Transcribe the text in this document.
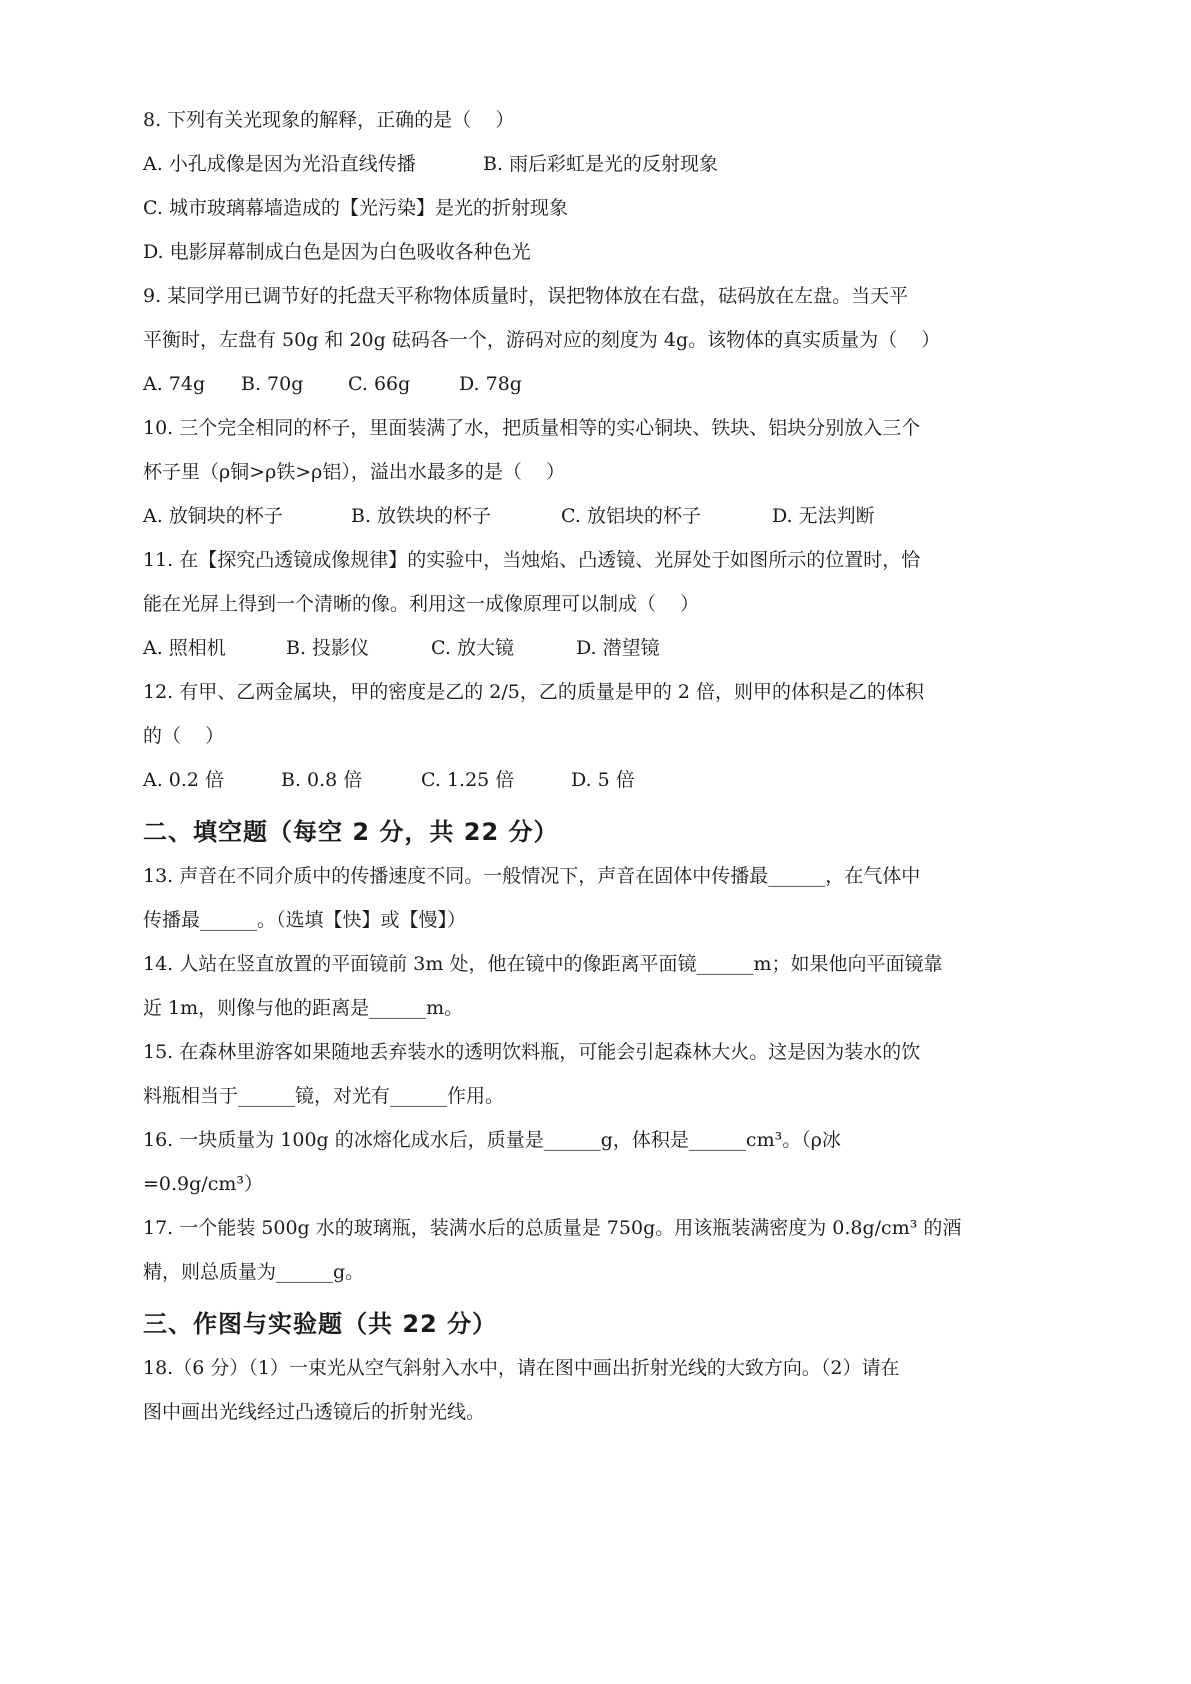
8. 下列有关光现象的解释，正确的是（    ）

A. 小孔成像是因为光沿直线传播	B. 雨后彩虹是光的反射现象

C. 城市玻璃幕墙造成的【光污染】是光的折射现象

D. 电影屏幕制成白色是因为白色吸收各种色光

9. 某同学用已调节好的托盘天平称物体质量时，误把物体放在右盘，砝码放在左盘。当天平

平衡时，左盘有 50g 和 20g 砝码各一个，游码对应的刻度为 4g。该物体的真实质量为（    ）

A. 74g	B. 70g	C. 66g	D. 78g

10. 三个完全相同的杯子，里面装满了水，把质量相等的实心铜块、铁块、铝块分别放入三个

杯子里（ρ铜>ρ铁>ρ铝），溢出水最多的是（    ）

A. 放铜块的杯子	B. 放铁块的杯子	C. 放铝块的杯子	D. 无法判断

11. 在【探究凸透镜成像规律】的实验中，当烛焰、凸透镜、光屏处于如图所示的位置时，恰

能在光屏上得到一个清晰的像。利用这一成像原理可以制成（    ）

A. 照相机	B. 投影仪	C. 放大镜	D. 潜望镜

12. 有甲、乙两金属块，甲的密度是乙的 2/5，乙的质量是甲的 2 倍，则甲的体积是乙的体积

的（    ）

A. 0.2 倍	B. 0.8 倍	C. 1.25 倍	D. 5 倍
二、填空题（每空 2 分，共 22 分）

13. 声音在不同介质中的传播速度不同。一般情况下，声音在固体中传播最______，在气体中

传播最______。（选填【快】或【慢】）

14. 人站在竖直放置的平面镜前 3m 处，他在镜中的像距离平面镜______m；如果他向平面镜靠

近 1m，则像与他的距离是______m。

15. 在森林里游客如果随地丢弃装水的透明饮料瓶，可能会引起森林大火。这是因为装水的饮

料瓶相当于______镜，对光有______作用。

16. 一块质量为 100g 的冰熔化成水后，质量是______g，体积是______cm³。（ρ冰

=0.9g/cm³）

17. 一个能装 500g 水的玻璃瓶，装满水后的总质量是 750g。用该瓶装满密度为 0.8g/cm³ 的酒

精，则总质量为______g。

三、作图与实验题（共 22 分）

18.（6 分）（1）一束光从空气斜射入水中，请在图中画出折射光线的大致方向。（2）请在

图中画出光线经过凸透镜后的折射光线。
